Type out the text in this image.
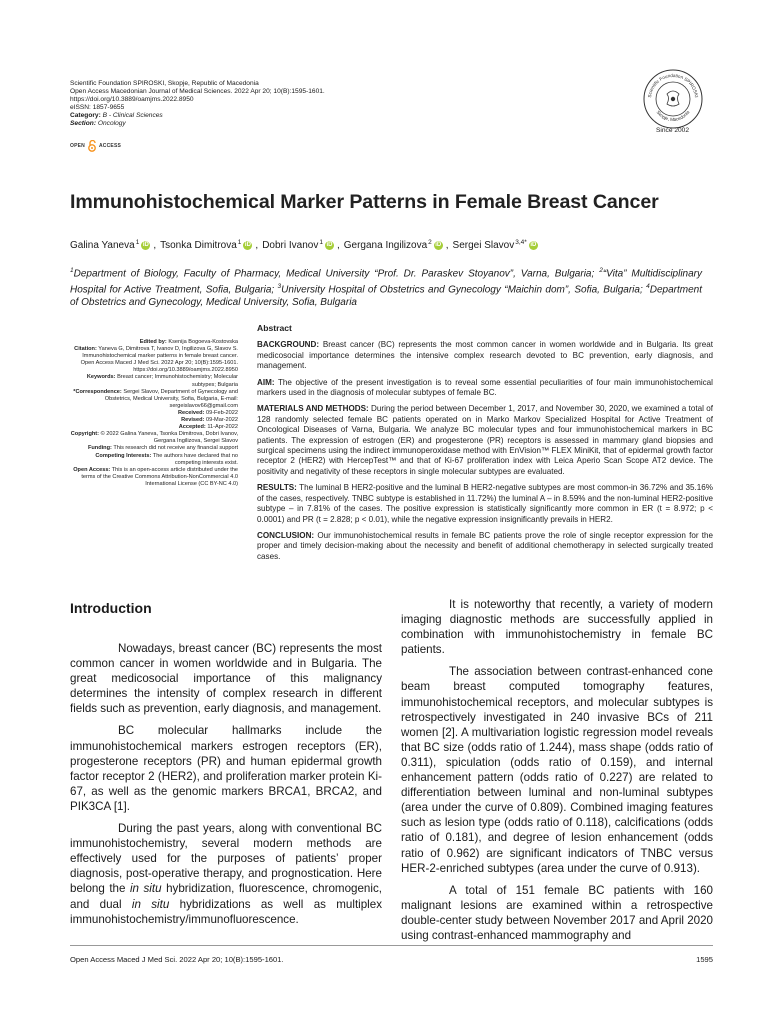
Scientific Foundation SPIROSKI, Skopje, Republic of Macedonia
Open Access Macedonian Journal of Medical Sciences. 2022 Apr 20; 10(B):1595-1601.
https://doi.org/10.3889/oamjms.2022.8950
eISSN: 1857-9655
Category: B - Clinical Sciences
Section: Oncology
OPEN	ACCESS
Scientific Foundation SPIROSKI
Skopje, Macedonia
Since 2002
Immunohistochemical Marker Patterns in Female Breast Cancer
Galina Yaneva$^1$ iD , Tsonka Dimitrova$^1$ iD , Dobri Ivanov$^1$ iD , Gergana Ingilizova$^2$ iD , Sergei Slavov$^{3,4*}$ iD
$^1$Department of Biology, Faculty of Pharmacy, Medical University “Prof. Dr. Paraskev Stoyanov”, Varna, Bulgaria; $^2$“Vita” Multidisciplinary Hospital for Active Treatment, Sofia, Bulgaria; $^3$University Hospital of Obstetrics and Gynecology “Maichin dom”, Sofia, Bulgaria; $^4$Department of Obstetrics and Gynecology, Medical University, Sofia, Bulgaria

Edited by: Ksenija Bogoeva-Kostovska

Citation: Yaneva G, Dimitrova T, Ivanov D, Ingilizova G, Slavov S. Immunohistochemical marker patterns in female breast cancer. Open Access Maced J Med Sci. 2022 Apr 20; 10(B):1595-1601. https://doi.org/10.3889/oamjms.2022.8950

Keywords: Breast cancer; Immunohistochemistry; Molecular subtypes; Bulgaria

*Correspondence: Sergei Slavov, Department of Gynecology and Obstetrics, Medical University, Sofia, Bulgaria, E-mail: sergeislavov66@gmail.com

Received: 09-Feb-2022

Revised: 09-Mar-2022

Accepted: 11-Apr-2022

Copyright: © 2022 Galina Yaneva, Tsonka Dimitrova, Dobri Ivanov, Gergana Ingilizova, Sergei Slavov

Funding: This research did not receive any financial support

Competing Interests: The authors have declared that no competing interests exist.

Open Access: This is an open-access article distributed under the terms of the Creative Commons Attribution-NonCommercial 4.0 International License (CC BY-NC 4.0)

Abstract

BACKGROUND: Breast cancer (BC) represents the most common cancer in women worldwide and in Bulgaria. Its great medicosocial importance determines the intensive complex research devoted to BC prevention, early diagnosis, and management.

AIM: The objective of the present investigation is to reveal some essential peculiarities of four main immunohistochemical markers used in the diagnosis of molecular subtypes of female BC.

MATERIALS AND METHODS: During the period between December 1, 2017, and November 30, 2020, we examined a total of 128 randomly selected female BC patients operated on in Marko Markov Specialized Hospital for Active Treatment of Oncological Diseases of Varna, Bulgaria. We analyze BC molecular types and four immunohistochemical markers in BC patients. The expression of estrogen (ER) and progesterone (PR) receptors is assessed in mammary gland biopsies and surgical specimens using the indirect immunoperoxidase method with EnVision™ FLEX MiniKit, that of epidermal growth factor receptor 2 (HER2) with HercepTest™ and that of Ki-67 proliferation index with Leica Aperio Scan Scope AT2 device. The positivity and negativity of these receptors in single molecular subtypes are evaluated.

RESULTS: The luminal B HER2-positive and the luminal B HER2-negative subtypes are most common-in 36.72% and 35.16% of the cases, respectively. TNBC subtype is established in 11.72%) the luminal A – in 8.59% and the non-luminal HER2-positive subtype – in 7.81% of the cases. The positive expression is statistically significantly more common in ER (t = 8.972; p < 0.0001) and PR (t = 2.828; p < 0.01), while the negative expression insignificantly prevails in HER2.

CONCLUSION: Our immunohistochemical results in female BC patients prove the role of single receptor expression for the proper and timely decision-making about the necessity and benefit of additional chemotherapy in selected surgically treated cases.

Introduction

Nowadays, breast cancer (BC) represents the most common cancer in women worldwide and in Bulgaria. The great medicosocial importance of this malignancy determines the intensity of complex research in different fields such as prevention, early diagnosis, and management.

BC molecular hallmarks include the immunohistochemical markers estrogen receptors (ER), progesterone receptors (PR) and human epidermal growth factor receptor 2 (HER2), and proliferation marker protein Ki-67, as well as the genomic markers BRCA1, BRCA2, and PIK3CA [1].

During the past years, along with conventional BC immunohistochemistry, several modern methods are effectively used for the purposes of patients’ proper diagnosis, post-operative therapy, and prognostication. Here belong the in situ hybridization, fluorescence, chromogenic, and dual in situ hybridizations as well as multiplex immunohistochemistry/immunofluorescence.

It is noteworthy that recently, a variety of modern imaging diagnostic methods are successfully applied in combination with immunohistochemistry in female BC patients.

The association between contrast-enhanced cone beam breast computed tomography features, immunohistochemical receptors, and molecular subtypes is retrospectively investigated in 240 invasive BCs of 211 women [2]. A multivariation logistic regression model reveals that BC size (odds ratio of 1.244), mass shape (odds ratio of 0.311), spiculation (odds ratio of 0.159), and internal enhancement pattern (odds ratio of 0.227) are related to differentiation between luminal and non-luminal subtypes (area under the curve of 0.809). Combined imaging features such as lesion type (odds ratio of 0.118), calcifications (odds ratio of 0.181), and degree of lesion enhancement (odds ratio of 0.962) are significant indicators of TNBC versus HER-2-enriched subtypes (area under the curve of 0.913).

A total of 151 female BC patients with 160 malignant lesions are examined within a retrospective double-center study between November 2017 and April 2020 using contrast-enhanced mammography and

Open Access Maced J Med Sci. 2022 Apr 20; 10(B):1595-1601.	1595
